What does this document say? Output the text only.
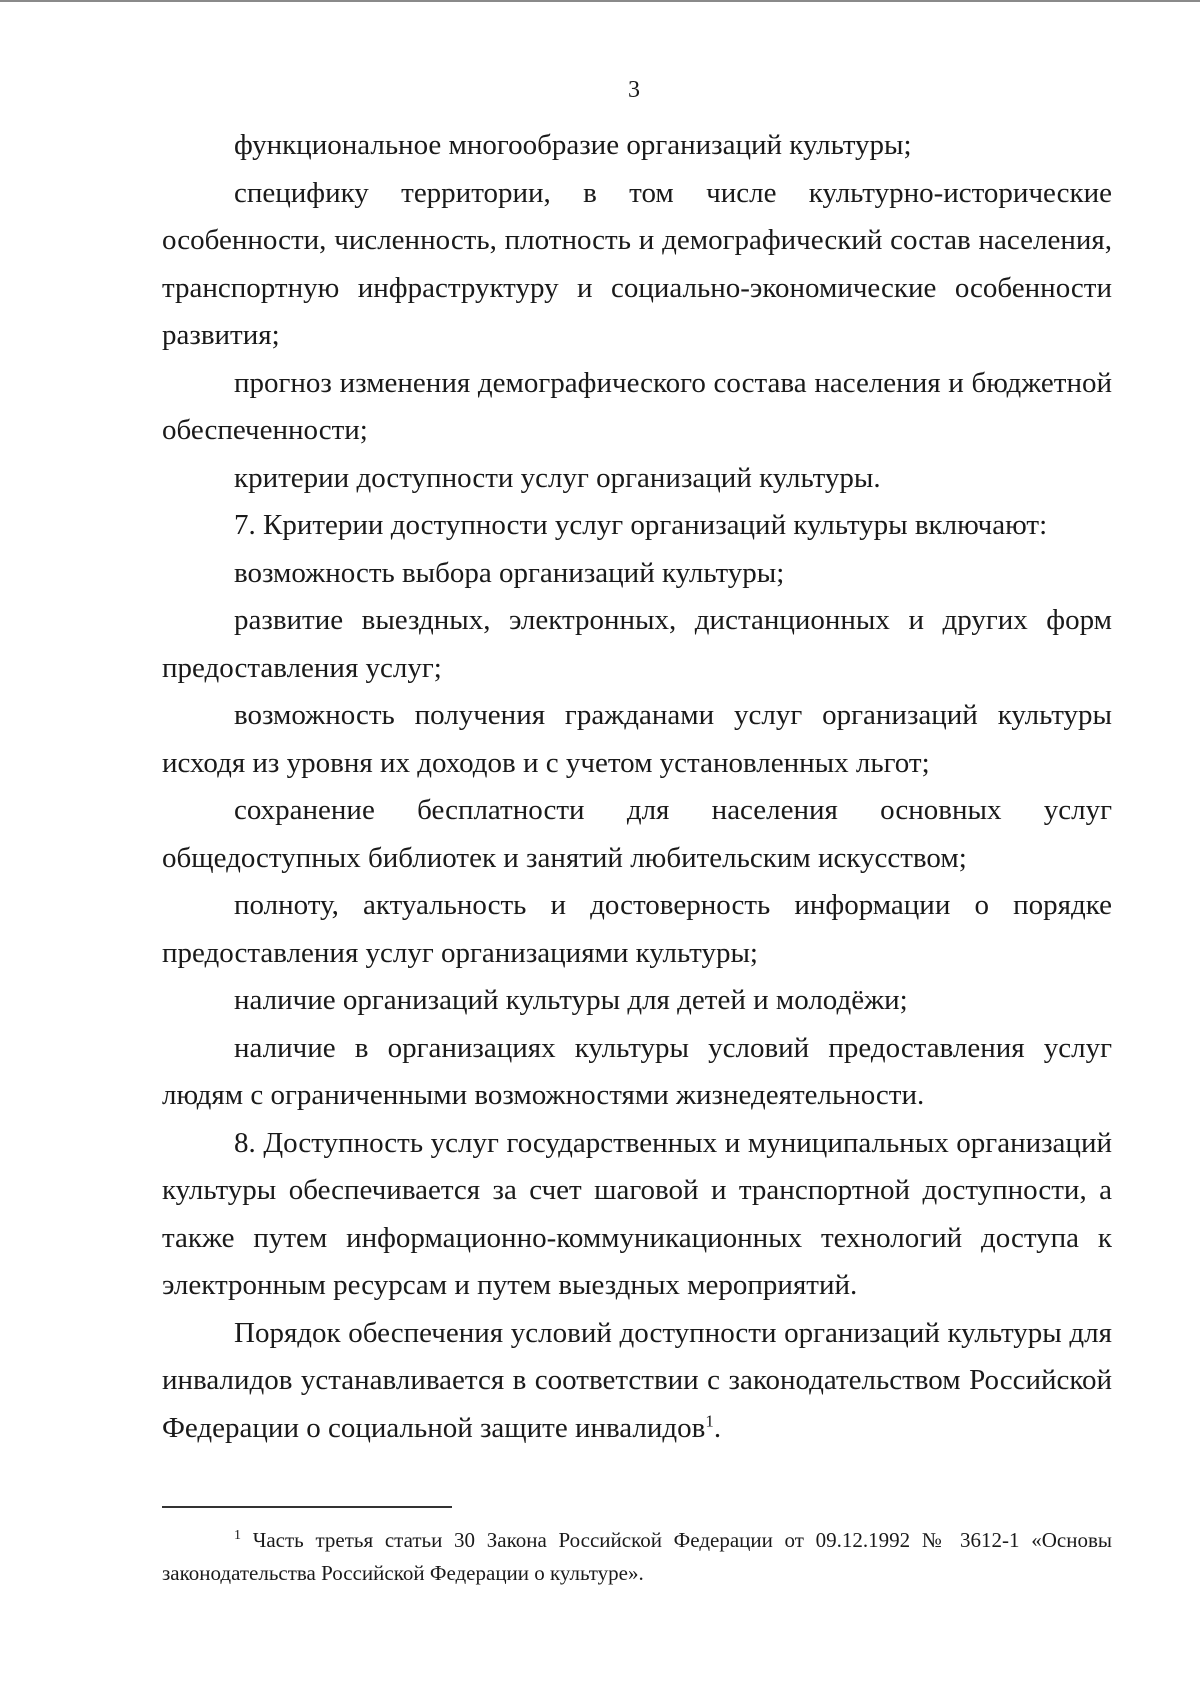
3

функциональное многообразие организаций культуры;

специфику территории, в том числе культурно-исторические особенности, численность, плотность и демографический состав населения, транспортную инфраструктуру и социально-экономические особенности развития;

прогноз изменения демографического состава населения и бюджетной обеспеченности;

критерии доступности услуг организаций культуры.

7. Критерии доступности услуг организаций культуры включают:

возможность выбора организаций культуры;

развитие выездных, электронных, дистанционных и других форм предоставления услуг;

возможность получения гражданами услуг организаций культуры исходя из уровня их доходов и с учетом установленных льгот;

сохранение бесплатности для населения основных услуг общедоступных библиотек и занятий любительским искусством;

полноту, актуальность и достоверность информации о порядке предоставления услуг организациями культуры;

наличие организаций культуры для детей и молодёжи;

наличие в организациях культуры условий предоставления услуг людям с ограниченными возможностями жизнедеятельности.

8. Доступность услуг государственных и муниципальных организаций культуры обеспечивается за счет шаговой и транспортной доступности, а также путем информационно-коммуникационных технологий доступа к электронным ресурсам и путем выездных мероприятий.

Порядок обеспечения условий доступности организаций культуры для инвалидов устанавливается в соответствии с законодательством Российской Федерации о социальной защите инвалидов$^1$.

$^1$ Часть третья статьи 30 Закона Российской Федерации от 09.12.1992 № 3612-1 «Основы законодательства Российской Федерации о культуре».
